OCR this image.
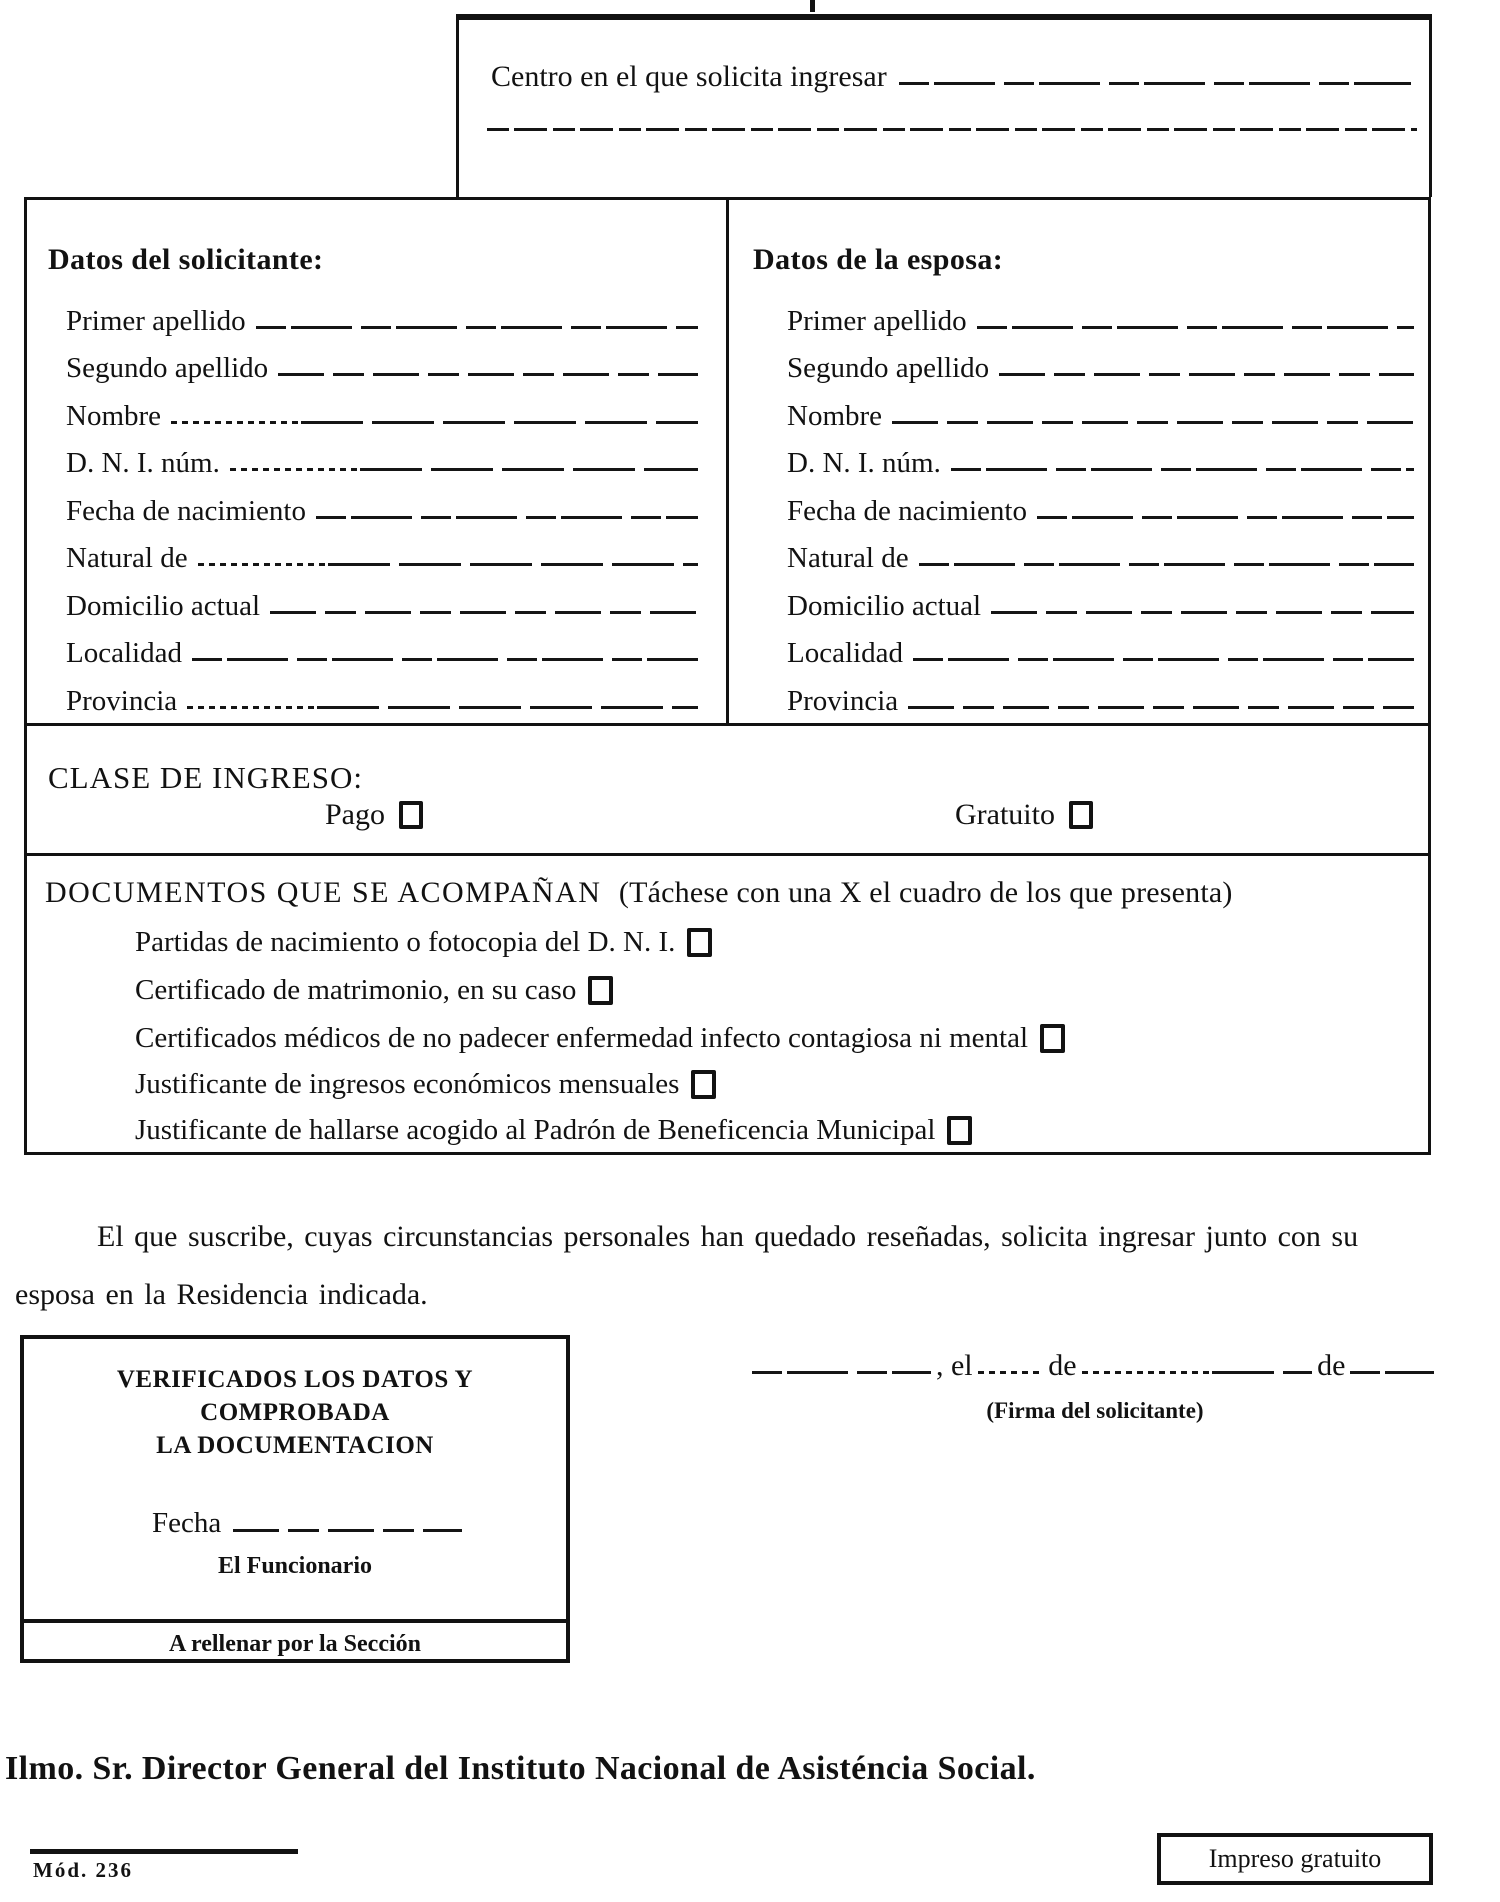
Centro en el que solicita ingresar
Datos del solicitante:
Primer apellido
Segundo apellido
Nombre
D. N. I. núm.
Fecha de nacimiento
Natural de
Domicilio actual
Localidad
Provincia
Datos de la esposa:
Primer apellido
Segundo apellido
Nombre
D. N. I. núm.
Fecha de nacimiento
Natural de
Domicilio actual
Localidad
Provincia
CLASE DE INGRESO:
Pago	Gratuito
DOCUMENTOS QUE SE ACOMPAÑAN (Táchese con una X el cuadro de los que presenta)
Partidas de nacimiento o fotocopia del D. N. I.
Certificado de matrimonio, en su caso
Certificados médicos de no padecer enfermedad infecto contagiosa ni mental
Justificante de ingresos económicos mensuales
Justificante de hallarse acogido al Padrón de Beneficencia Municipal
El que suscribe, cuyas circunstancias personales han quedado reseñadas, solicita ingresar junto con su
esposa en la Residencia indicada.
VERIFICADOS LOS DATOS Y COMPROBADA
LA DOCUMENTACION
Fecha
El Funcionario
A rellenar por la Sección
, el	de	de
(Firma del solicitante)
Ilmo. Sr. Director General del Instituto Nacional de Asisténcia Social.
Mód. 236	Impreso gratuito
